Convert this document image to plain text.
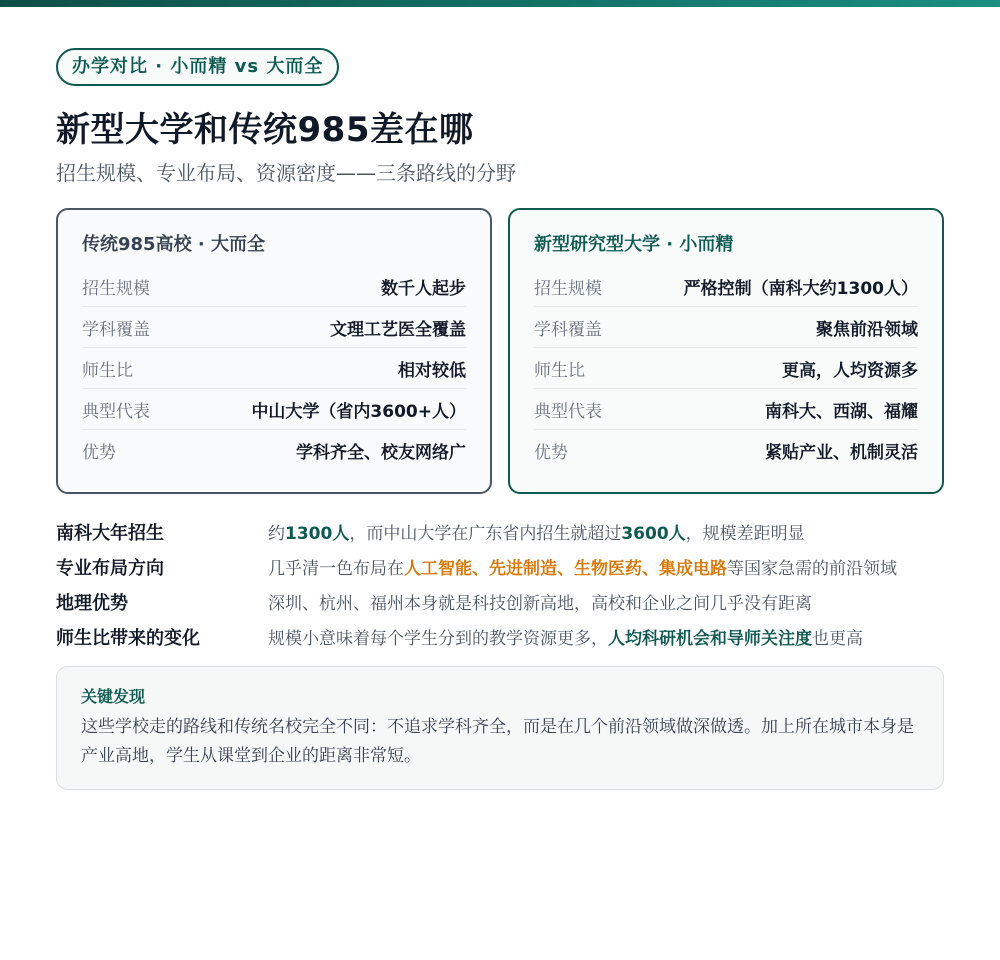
办学对比 · 小而精 vs 大而全
新型大学和传统985差在哪
招生规模、专业布局、资源密度——三条路线的分野
传统985高校 · 大而全
招生规模	数千人起步
学科覆盖	文理工艺医全覆盖
师生比	相对较低
典型代表	中山大学（省内3600+人）
优势	学科齐全、校友网络广
新型研究型大学 · 小而精
招生规模	严格控制（南科大约1300人）
学科覆盖	聚焦前沿领域
师生比	更高，人均资源多
典型代表	南科大、西湖、福耀
优势	紧贴产业、机制灵活
南科大年招生	约1300人，而中山大学在广东省内招生就超过3600人，规模差距明显
专业布局方向	几乎清一色布局在人工智能、先进制造、生物医药、集成电路等国家急需的前沿领域
地理优势	深圳、杭州、福州本身就是科技创新高地，高校和企业之间几乎没有距离
师生比带来的变化	规模小意味着每个学生分到的教学资源更多，人均科研机会和导师关注度也更高
关键发现
这些学校走的路线和传统名校完全不同：不追求学科齐全，而是在几个前沿领域做深做透。加上所在城市本身是产业高地，学生从课堂到企业的距离非常短。
